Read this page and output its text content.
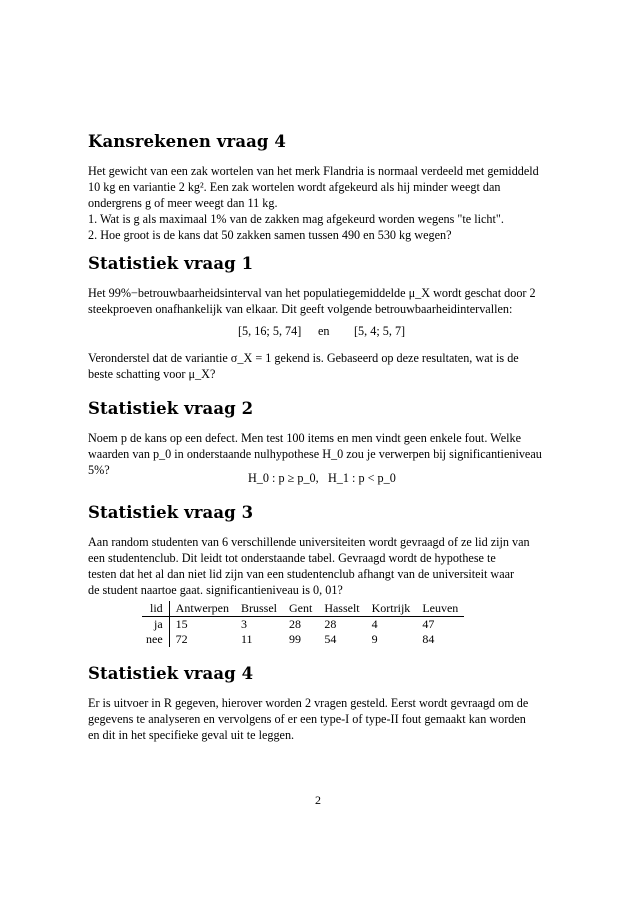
Kansrekenen vraag 4

Het gewicht van een zak wortelen van het merk Flandria is normaal verdeeld met gemiddeld
10 kg en variantie 2 kg². Een zak wortelen wordt afgekeurd als hij minder weegt dan
ondergrens g of meer weegt dan 11 kg.
1. Wat is g als maximaal 1% van de zakken mag afgekeurd worden wegens "te licht".
2. Hoe groot is de kans dat 50 zakken samen tussen 490 en 530 kg wegen?

Statistiek vraag 1

Het 99%−betrouwbaarheidsinterval van het populatiegemiddelde μ_X wordt geschat door 2
steekproeven onafhankelijk van elkaar. Dit geeft volgende betrouwbaarheidintervallen:

[5, 16; 5, 74] en [5, 4; 5, 7]

Veronderstel dat de variantie σ_X = 1 gekend is. Gebaseerd op deze resultaten, wat is de
beste schatting voor μ_X?

Statistiek vraag 2

Noem p de kans op een defect. Men test 100 items en men vindt geen enkele fout. Welke
waarden van p_0 in onderstaande nulhypothese H_0 zou je verwerpen bij significantieniveau
5%?

H_0 : p ≥ p_0, H_1 : p < p_0
Statistiek vraag 3

Aan random studenten van 6 verschillende universiteiten wordt gevraagd of ze lid zijn van
een studentenclub. Dit leidt tot onderstaande tabel. Gevraagd wordt de hypothese te
testen dat het al dan niet lid zijn van een studentenclub afhangt van de universiteit waar
de student naartoe gaat. significantieniveau is 0, 01?

lid	Antwerpen	Brussel	Gent	Hasselt	Kortrijk	Leuven
ja	15	3	28	28	4	47
nee	72	11	99	54	9	84
Statistiek vraag 4

Er is uitvoer in R gegeven, hierover worden 2 vragen gesteld. Eerst wordt gevraagd om de
gegevens te analyseren en vervolgens of er een type-I of type-II fout gemaakt kan worden
en dit in het specifieke geval uit te leggen.

2
